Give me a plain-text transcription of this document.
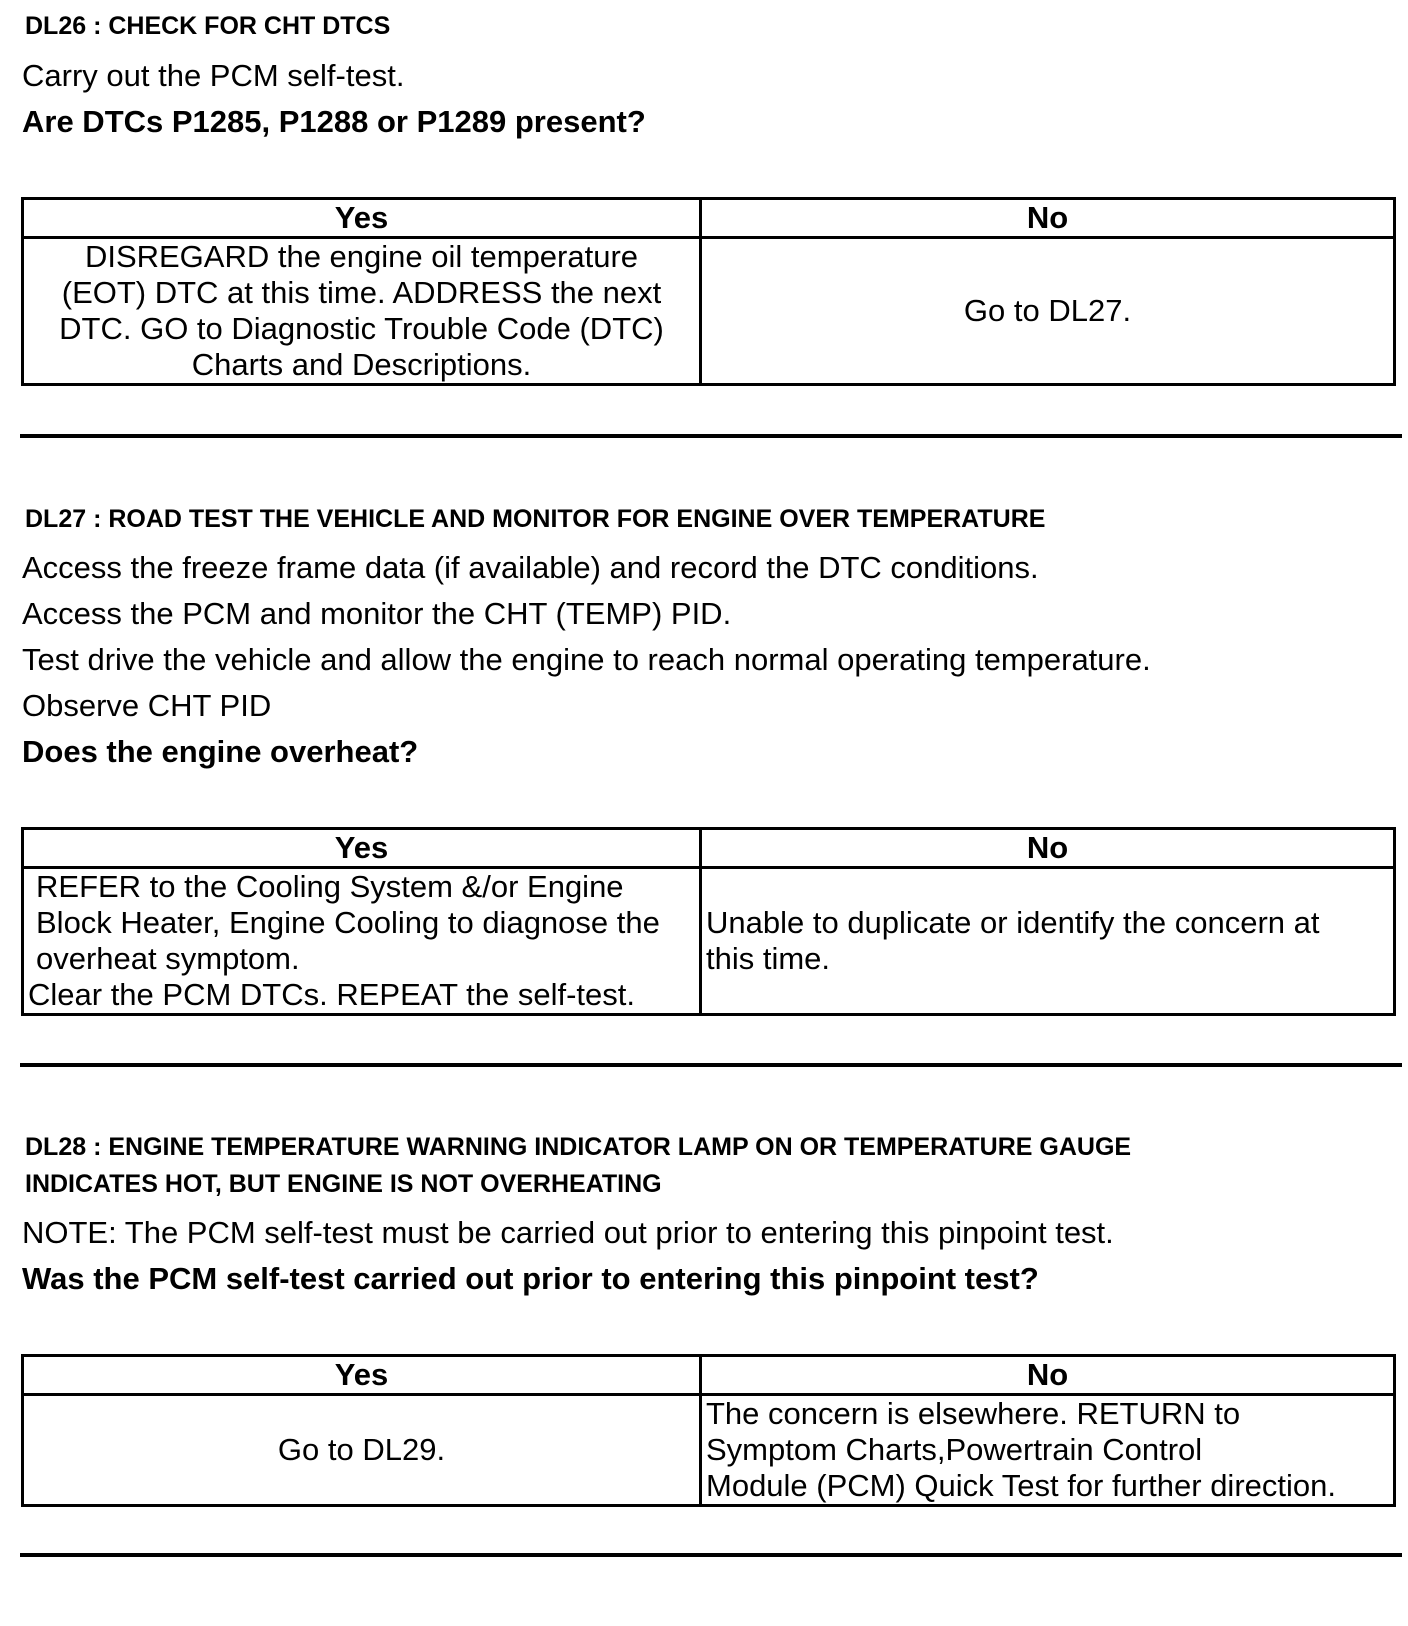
DL26 : CHECK FOR CHT DTCS
Carry out the PCM self-test.
Are DTCs P1285, P1288 or P1289 present?
Yes	No

DISREGARD the engine oil temperature
(EOT) DTC at this time. ADDRESS the next
DTC. GO to Diagnostic Trouble Code (DTC)
Charts and Descriptions.	Go to DL27.
DL27 : ROAD TEST THE VEHICLE AND MONITOR FOR ENGINE OVER TEMPERATURE
Access the freeze frame data (if available) and record the DTC conditions.
Access the PCM and monitor the CHT (TEMP) PID.
Test drive the vehicle and allow the engine to reach normal operating temperature.
Observe CHT PID
Does the engine overheat?
Yes	No

REFER to the Cooling System &/or Engine
Block Heater, Engine Cooling to diagnose the
overheat symptom.
Clear the PCM DTCs. REPEAT the self-test.	Unable to duplicate or identify the concern at
this time.
DL28 : ENGINE TEMPERATURE WARNING INDICATOR LAMP ON OR TEMPERATURE GAUGE
INDICATES HOT, BUT ENGINE IS NOT OVERHEATING
NOTE: The PCM self-test must be carried out prior to entering this pinpoint test.
Was the PCM self-test carried out prior to entering this pinpoint test?
Yes	No

Go to DL29.	The concern is elsewhere. RETURN to
Symptom Charts,Powertrain Control
Module (PCM) Quick Test for further direction.
